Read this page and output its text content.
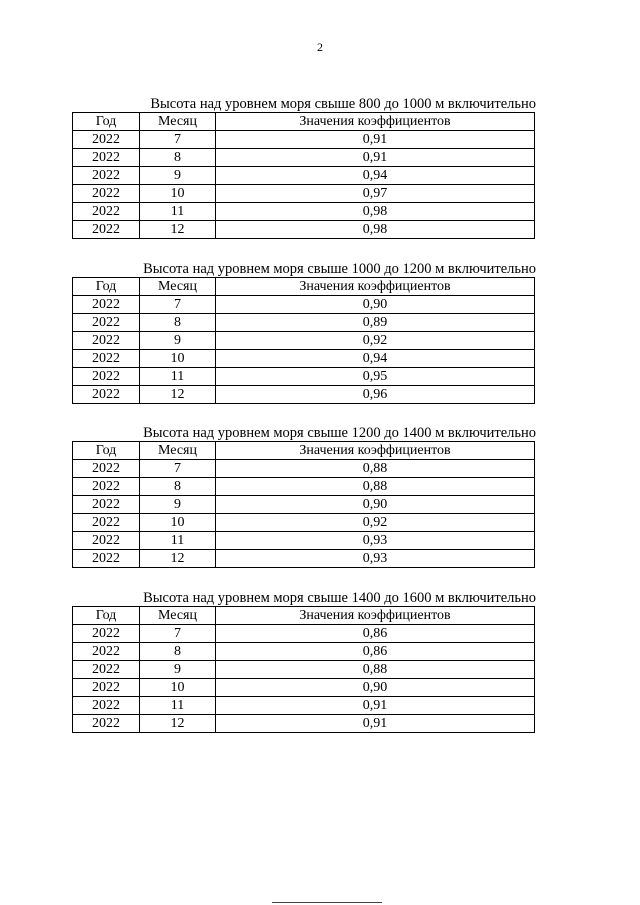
2
Высота над уровнем моря свыше 800 до 1000 м включительно
Год	Месяц	Значения коэффициентов
2022	7	0,91
2022	8	0,91
2022	9	0,94
2022	10	0,97
2022	11	0,98
2022	12	0,98
Высота над уровнем моря свыше 1000 до 1200 м включительно
Год	Месяц	Значения коэффициентов
2022	7	0,90
2022	8	0,89
2022	9	0,92
2022	10	0,94
2022	11	0,95
2022	12	0,96
Высота над уровнем моря свыше 1200 до 1400 м включительно
Год	Месяц	Значения коэффициентов
2022	7	0,88
2022	8	0,88
2022	9	0,90
2022	10	0,92
2022	11	0,93
2022	12	0,93
Высота над уровнем моря свыше 1400 до 1600 м включительно
Год	Месяц	Значения коэффициентов
2022	7	0,86
2022	8	0,86
2022	9	0,88
2022	10	0,90
2022	11	0,91
2022	12	0,91
